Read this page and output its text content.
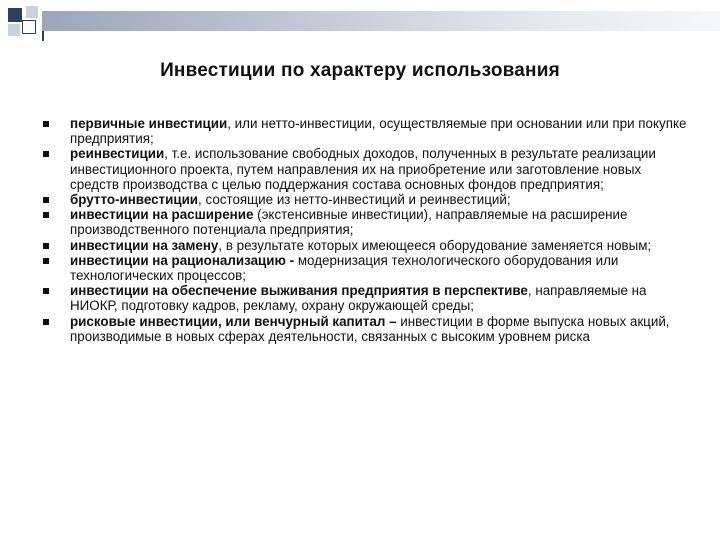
Инвестиции по характеру использования
первичные инвестиции, или нетто-инвестиции, осуществляемые при основании или при покупке предприятия;
реинвестиции, т.е. использование свободных доходов, полученных в результате реализации инвестиционного проекта, путем направления их на приобретение или заготовление новых средств производства с целью поддержания состава основных фондов предприятия;
брутто-инвестиции, состоящие из нетто-инвестиций и реинвестиций;
инвестиции на расширение (экстенсивные инвестиции), направляемые на расширение производственного потенциала предприятия;
инвестиции на замену, в результате которых имеющееся оборудование заменяется новым;
инвестиции на рационализацию - модернизация технологического оборудования или технологических процессов;
инвестиции на обеспечение выживания предприятия в перспективе, направляемые на НИОКР, подготовку кадров, рекламу, охрану окружающей среды;
рисковые инвестиции, или венчурный капитал – инвестиции в форме выпуска новых акций, производимые в новых сферах деятельности, связанных с высоким уровнем риска
